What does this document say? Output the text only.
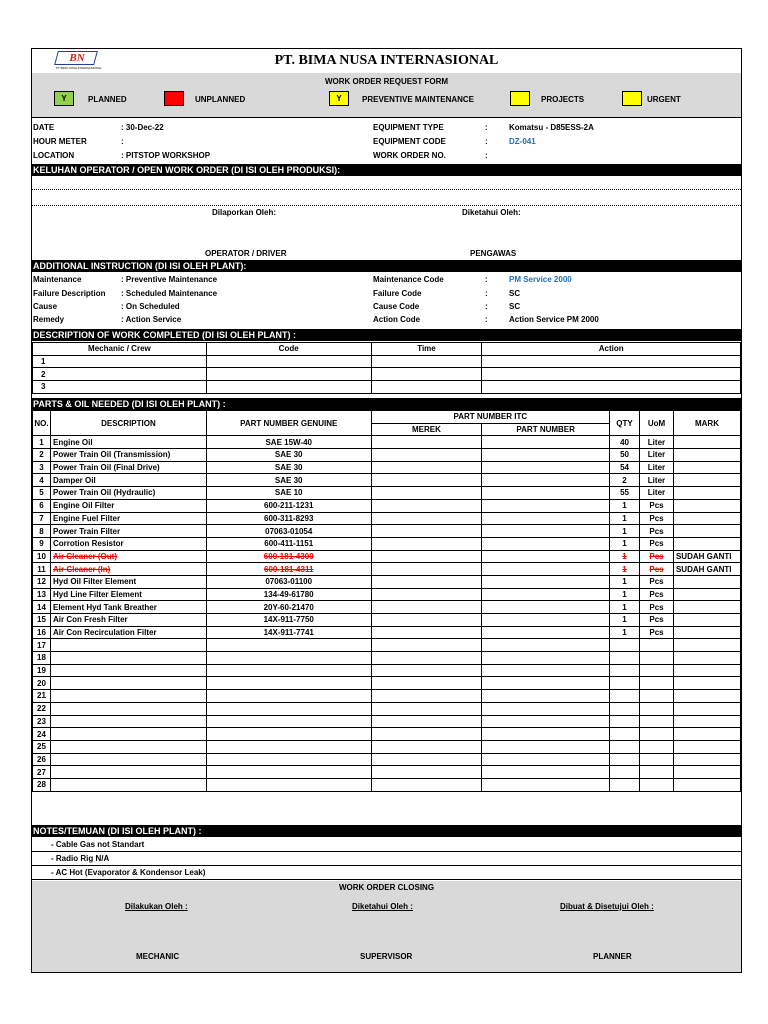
BN
PT BIMA NUSA INTERNASIONAL	PT. BIMA NUSA INTERNASIONAL
WORK ORDER REQUEST FORM
Y	PLANNED	UNPLANNED	Y	PREVENTIVE MAINTENANCE	PROJECTS	URGENT
DATE	: 30-Dec-22
HOUR METER	:
LOCATION	: PITSTOP WORKSHOP
EQUIPMENT TYPE	:	Komatsu - D85ESS-2A
EQUIPMENT CODE	:	DZ-041
WORK ORDER NO.	:
KELUHAN OPERATOR / OPEN WORK ORDER (DI ISI OLEH PRODUKSI):
Dilaporkan Oleh:	Diketahui Oleh:
OPERATOR / DRIVER	PENGAWAS
ADDITIONAL INSTRUCTION (DI ISI OLEH PLANT):
Maintenance	: Preventive Maintenance
Failure Description : Scheduled Maintenance
Cause	: On Scheduled
Remedy	: Action Service
Maintenance Code	:	PM Service 2000
Failure Code	:	SC
Cause Code	:	SC
Action Code	:	Action Service PM 2000
DESCRIPTION OF WORK COMPLETED (DI ISI OLEH PLANT) :
Mechanic / Crew	Code	Time	Action
1			
2			
3			
PARTS & OIL NEEDED (DI ISI OLEH PLANT) :
NO.	DESCRIPTION	PART NUMBER GENUINE	PART NUMBER ITC		QTY	UoM	MARK
			MEREK	PART NUMBER			
1	Engine Oil	SAE 15W-40			40	Liter	
2	Power Train Oil (Transmission)	SAE 30			50	Liter	
3	Power Train Oil (Final Drive)	SAE 30			54	Liter	
4	Damper Oil	SAE 30			2	Liter	
5	Power Train Oil (Hydraulic)	SAE 10			55	Liter	
6	Engine Oil Filter	600-211-1231			1	Pcs	
7	Engine Fuel Filter	600-311-8293			1	Pcs	
8	Power Train Filter	07063-01054			1	Pcs	
9	Corrotion Resistor	600-411-1151			1	Pcs	
10	Air Cleaner (Out)	600-181-4300			1	Pcs	SUDAH GANTI
11	Air Cleaner (In)	600-181-4311			1	Pcs	SUDAH GANTI
12	Hyd Oil Filter Element	07063-01100			1	Pcs	
13	Hyd Line Filter Element	134-49-61780			1	Pcs	
14	Element Hyd Tank Breather	20Y-60-21470			1	Pcs	
15	Air Con Fresh Filter	14X-911-7750			1	Pcs	
16	Air Con Recirculation Filter	14X-911-7741			1	Pcs	
17							
18							
19							
20							
21							
22							
23							
24							
25							
26							
27							
28							
NOTES/TEMUAN (DI ISI OLEH PLANT) :
- Cable Gas not Standart
- Radio Rig N/A
- AC Hot (Evaporator & Kondensor Leak)
WORK ORDER CLOSING
Dilakukan Oleh :	Diketahui Oleh :	Dibuat & Disetujui Oleh :
MECHANIC	SUPERVISOR	PLANNER
